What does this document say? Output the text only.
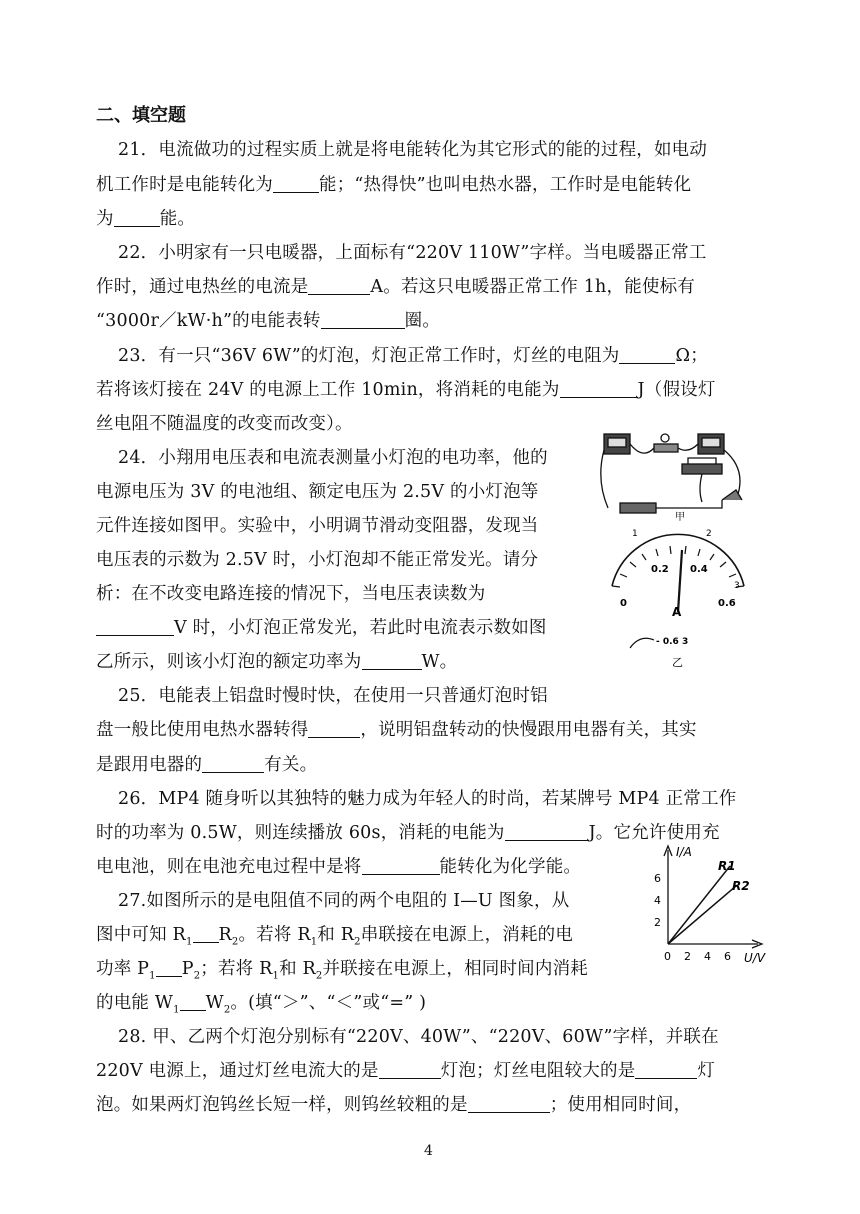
二、填空题
21．电流做功的过程实质上就是将电能转化为其它形式的能的过程，如电动
机工作时是电能转化为	能；“热得快”也叫电热水器，工作时是电能转化
为	能。
22．小明家有一只电暖器，上面标有“220V 110W”字样。当电暖器正常工
作时，通过电热丝的电流是	A。若这只电暖器正常工作 1h，能使标有
“3000r／kW·h”的电能表转	圈。
23．有一只“36V 6W”的灯泡，灯泡正常工作时，灯丝的电阻为	Ω；
若将该灯接在 24V 的电源上工作 10min，将消耗的电能为	J（假设灯
丝电阻不随温度的改变而改变）。
24．小翔用电压表和电流表测量小灯泡的电功率，他的
电源电压为 3V 的电池组、额定电压为 2.5V 的小灯泡等
元件连接如图甲。实验中，小明调节滑动变阻器，发现当
电压表的示数为 2.5V 时，小灯泡却不能正常发光。请分
析：在不改变电路连接的情况下，当电压表读数为
V 时，小灯泡正常发光，若此时电流表示数如图
乙所示，则该小灯泡的额定功率为	W。
25．电能表上铝盘时慢时快，在使用一只普通灯泡时铝
盘一般比使用电热水器转得	，说明铝盘转动的快慢跟用电器有关，其实
是跟用电器的	有关。
26．MP4 随身听以其独特的魅力成为年轻人的时尚，若某牌号 MP4 正常工作
时的功率为 0.5W，则连续播放 60s，消耗的电能为	J。它允许使用充
电电池，则在电池充电过程中是将	能转化为化学能。
27.如图所示的是电阻值不同的两个电阻的 I—U 图象，从
图中可知 $R_1$ $R_2$。若将 $R_1$和 $R_2$串联接在电源上，消耗的电
功率 $P_1$ $P_2$；若将 $R_1$和 $R_2$并联接在电源上，相同时间内消耗
的电能 $W_1$ $W_2$。(填“＞”、“＜”或“=” )
28. 甲、乙两个灯泡分别标有“220V、40W”、“220V、60W”字样，并联在
220V 电源上，通过灯丝电流大的是	灯泡；灯丝电阻较大的是	灯
泡。如果两灯泡钨丝长短一样，则钨丝较粗的是	；使用相同时间，
甲
0
0.2 0.4
0.6
1	2
3
A
- 0.6 3
乙
I/A
U/V
2
4
6
0 2 4 6
R1
R2
4
